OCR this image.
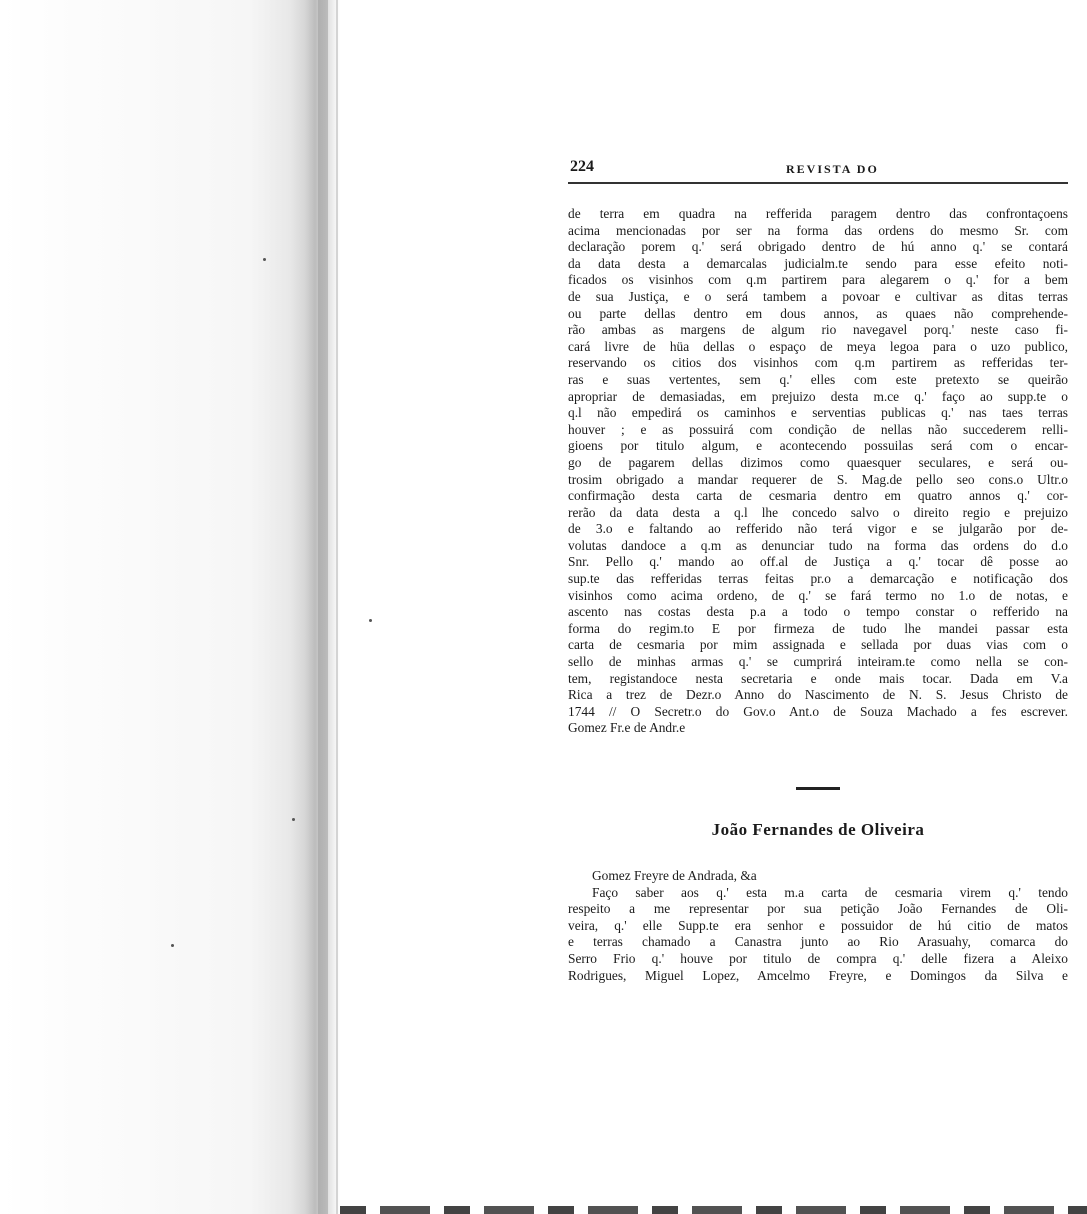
224	REVISTA DO
de terra em quadra na refferida paragem dentro das confrontaçoens
acima mencionadas por ser na forma das ordens do mesmo Sr. com
declaração porem q.' será obrigado dentro de hú anno q.' se contará
da data desta a demarcalas judicialm.te sendo para esse efeito noti-
ficados os visinhos com q.m partirem para alegarem o q.' for a bem
de sua Justiça, e o será tambem a povoar e cultivar as ditas terras
ou parte dellas dentro em dous annos, as quaes não comprehende-
rão ambas as margens de algum rio navegavel porq.' neste caso fi-
cará livre de hüa dellas o espaço de meya legoa para o uzo publico,
reservando os citios dos visinhos com q.m partirem as refferidas ter-
ras e suas vertentes, sem q.' elles com este pretexto se queirão
apropriar de demasiadas, em prejuizo desta m.ce q.' faço ao supp.te o
q.l não empedirá os caminhos e serventias publicas q.' nas taes terras
houver ; e as possuirá com condição de nellas não succederem relli-
gioens por titulo algum, e acontecendo possuilas será com o encar-
go de pagarem dellas dizimos como quaesquer seculares, e será ou-
trosim obrigado a mandar requerer de S. Mag.de pello seo cons.o Ultr.o
confirmação desta carta de cesmaria dentro em quatro annos q.' cor-
rerão da data desta a q.l lhe concedo salvo o direito regio e prejuizo
de 3.o e faltando ao refferido não terá vigor e se julgarão por de-
volutas dandoce a q.m as denunciar tudo na forma das ordens do d.o
Snr. Pello q.' mando ao off.al de Justiça a q.' tocar dê posse ao
sup.te das refferidas terras feitas pr.o a demarcação e notificação dos
visinhos como acima ordeno, de q.' se fará termo no 1.o de notas, e
ascento nas costas desta p.a a todo o tempo constar o refferido na
forma do regim.to E por firmeza de tudo lhe mandei passar esta
carta de cesmaria por mim assignada e sellada por duas vias com o
sello de minhas armas q.' se cumprirá inteiram.te como nella se con-
tem, registandoce nesta secretaria e onde mais tocar. Dada em V.a
Rica a trez de Dezr.o Anno do Nascimento de N. S. Jesus Christo de
1744 // O Secretr.o do Gov.o Ant.o de Souza Machado a fes escrever.
Gomez Fr.e de Andr.e
João Fernandes de Oliveira
Gomez Freyre de Andrada, &a
Faço saber aos q.' esta m.a carta de cesmaria virem q.' tendo
respeito a me representar por sua petição João Fernandes de Oli-
veira, q.' elle Supp.te era senhor e possuidor de hú citio de matos
e terras chamado a Canastra junto ao Rio Arasuahy, comarca do
Serro Frio q.' houve por titulo de compra q.' delle fizera a Aleixo
Rodrigues, Miguel Lopez, Amcelmo Freyre, e Domingos da Silva e
